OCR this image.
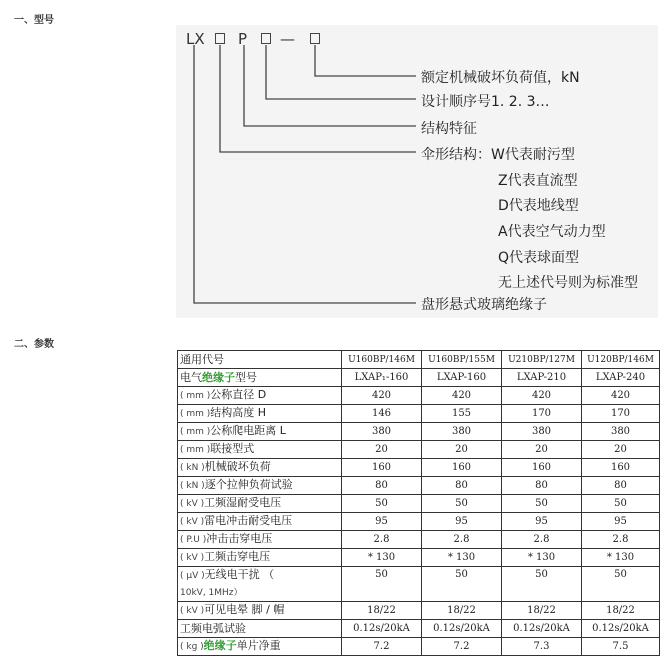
一、型号
LX P —
额定机械破坏负荷值，kN
设计顺序号1. 2. 3…
结构特征
伞形结构：W代表耐污型
Z代表直流型
D代表地线型
A代表空气动力型
Q代表球面型
无上述代号则为标准型
盘形悬式玻璃绝缘子
二、参数
通用代号	U160BP/146M	U160BP/155M	U210BP/127M	U120BP/146M
电气绝缘子型号	LXAP₁-160	LXAP-160	LXAP-210	LXAP-240
( mm )公称直径 D	420	420	420	420
( mm )结构高度 H	146	155	170	170
( mm )公称爬电距离 L	380	380	380	380
( mm )联接型式	20	20	20	20
( kN )机械破坏负荷	160	160	160	160
( kN )逐个拉伸负荷试验	80	80	80	80
( kV )工频湿耐受电压	50	50	50	50
( kV )雷电冲击耐受电压	95	95	95	95
( P.U )冲击击穿电压	2.8	2.8	2.8	2.8
( kV )工频击穿电压	* 130	* 130	* 130	* 130
( μV )无线电干扰 （
10kV, 1MHz）	50	50	50	50
( kV )可见电晕 脚 / 帽	18/22	18/22	18/22	18/22
工频电弧试验	0.12s/20kA	0.12s/20kA	0.12s/20kA	0.12s/20kA
( kg )绝缘子单片净重	7.2	7.2	7.3	7.5
